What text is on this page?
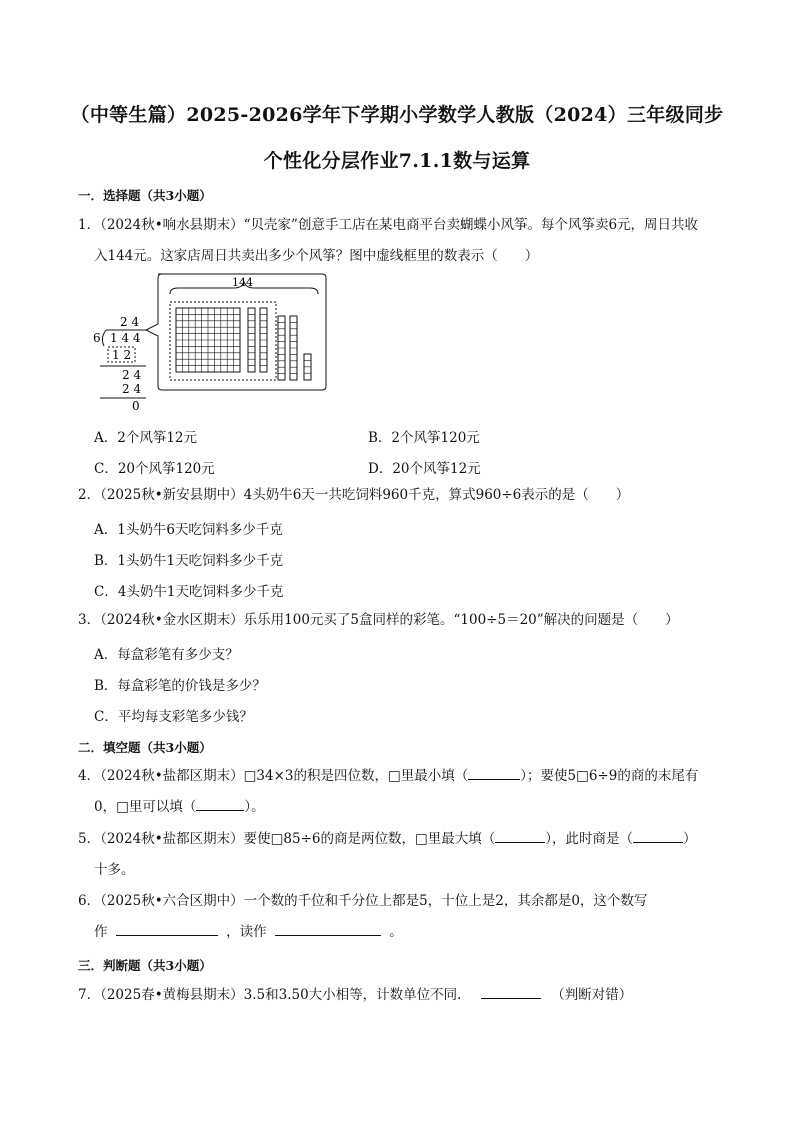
（中等生篇）2025-2026学年下学期小学数学人教版（2024）三年级同步
个性化分层作业7.1.1数与运算
一．选择题（共3小题）
1．（2024秋•响水县期末）“贝壳家”创意手工店在某电商平台卖蝴蝶小风筝。每个风筝卖6元，周日共收
入144元。这家店周日共卖出多少个风筝？图中虚线框里的数表示（　　）
2 4
6 1 4 4
1 2
2 4
2 4
0
144
A．2个风筝12元	B．2个风筝120元
C．20个风筝120元	D．20个风筝12元
2．（2025秋•新安县期中）4头奶牛6天一共吃饲料960千克，算式960÷6表示的是（　　）
A．1头奶牛6天吃饲料多少千克
B．1头奶牛1天吃饲料多少千克
C．4头奶牛1天吃饲料多少千克
3．（2024秋•金水区期末）乐乐用100元买了5盒同样的彩笔。“100÷5＝20”解决的问题是（　　）
A．每盒彩笔有多少支？
B．每盒彩笔的价钱是多少？
C．平均每支彩笔多少钱？
二．填空题（共3小题）
4．（2024秋•盐都区期末）□34×3的积是四位数，□里最小填（	）；要使5□6÷9的商的末尾有
0，□里可以填（	）。
5．（2024秋•盐都区期末）要使□85÷6的商是两位数，□里最大填（	），此时商是（	）
十多。
6．（2025秋•六合区期中）一个数的千位和千分位上都是5，十位上是2，其余都是0，这个数写
作	，读作	。
三．判断题（共3小题）
7．（2025春•黄梅县期末）3.5和3.50大小相等，计数单位不同．	（判断对错）
